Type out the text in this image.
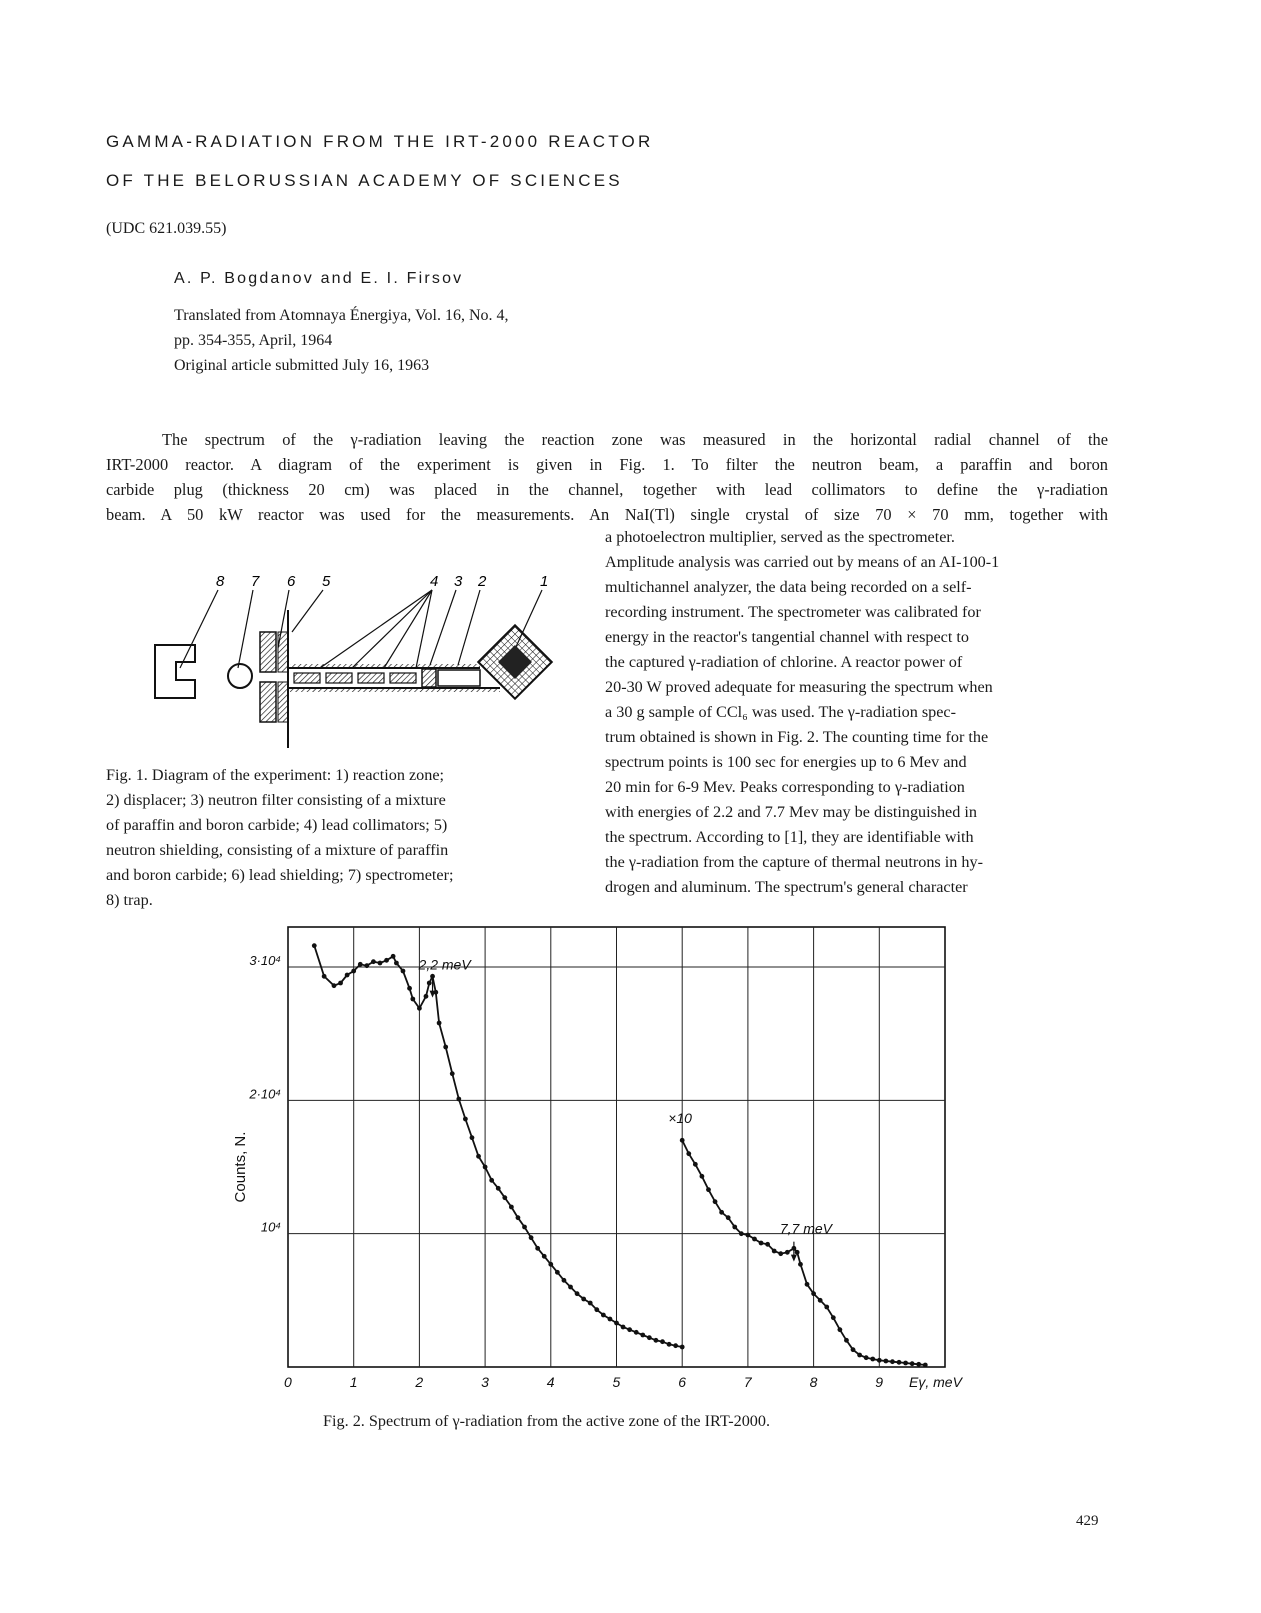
GAMMA-RADIATION FROM THE IRT-2000 REACTOR
OF THE BELORUSSIAN ACADEMY OF SCIENCES
(UDC 621.039.55)
A. P. Bogdanov and E. I. Firsov
Translated from Atomnaya Énergiya, Vol. 16, No. 4,
pp. 354-355, April, 1964
Original article submitted July 16, 1963
The spectrum of the γ-radiation leaving the reaction zone was measured in the horizontal radial channel of the
IRT-2000 reactor. A diagram of the experiment is given in Fig. 1. To filter the neutron beam, a paraffin and boron
carbide plug (thickness 20 cm) was placed in the channel, together with lead collimators to define the γ-radiation
beam. A 50 kW reactor was used for the measurements. An NaI(Tl) single crystal of size 70 × 70 mm, together with
a photoelectron multiplier, served as the spectrometer.
Amplitude analysis was carried out by means of an AI-100-1
multichannel analyzer, the data being recorded on a self-
recording instrument. The spectrometer was calibrated for
energy in the reactor's tangential channel with respect to
the captured γ-radiation of chlorine. A reactor power of
20-30 W proved adequate for measuring the spectrum when
a 30 g sample of CCl₆ was used. The γ-radiation spec-
trum obtained is shown in Fig. 2. The counting time for the
spectrum points is 100 sec for energies up to 6 Mev and
20 min for 6-9 Mev. Peaks corresponding to γ-radiation
with energies of 2.2 and 7.7 Mev may be distinguished in
the spectrum. According to [1], they are identifiable with
the γ-radiation from the capture of thermal neutrons in hy-
drogen and aluminum. The spectrum's general character
8 7 6 5	4 3 2	1
Fig. 1. Diagram of the experiment: 1) reaction zone;
2) displacer; 3) neutron filter consisting of a mixture
of paraffin and boron carbide; 4) lead collimators; 5)
neutron shielding, consisting of a mixture of paraffin
and boron carbide; 6) lead shielding; 7) spectrometer;
8) trap.
0	1	2	3	4	5	6	7	8	9 Eγ, meV
10⁴
2·10⁴
3·10⁴
Counts, N.
2,2 meV
×10
7,7 meV
Fig. 2. Spectrum of γ-radiation from the active zone of the IRT-2000.
429
